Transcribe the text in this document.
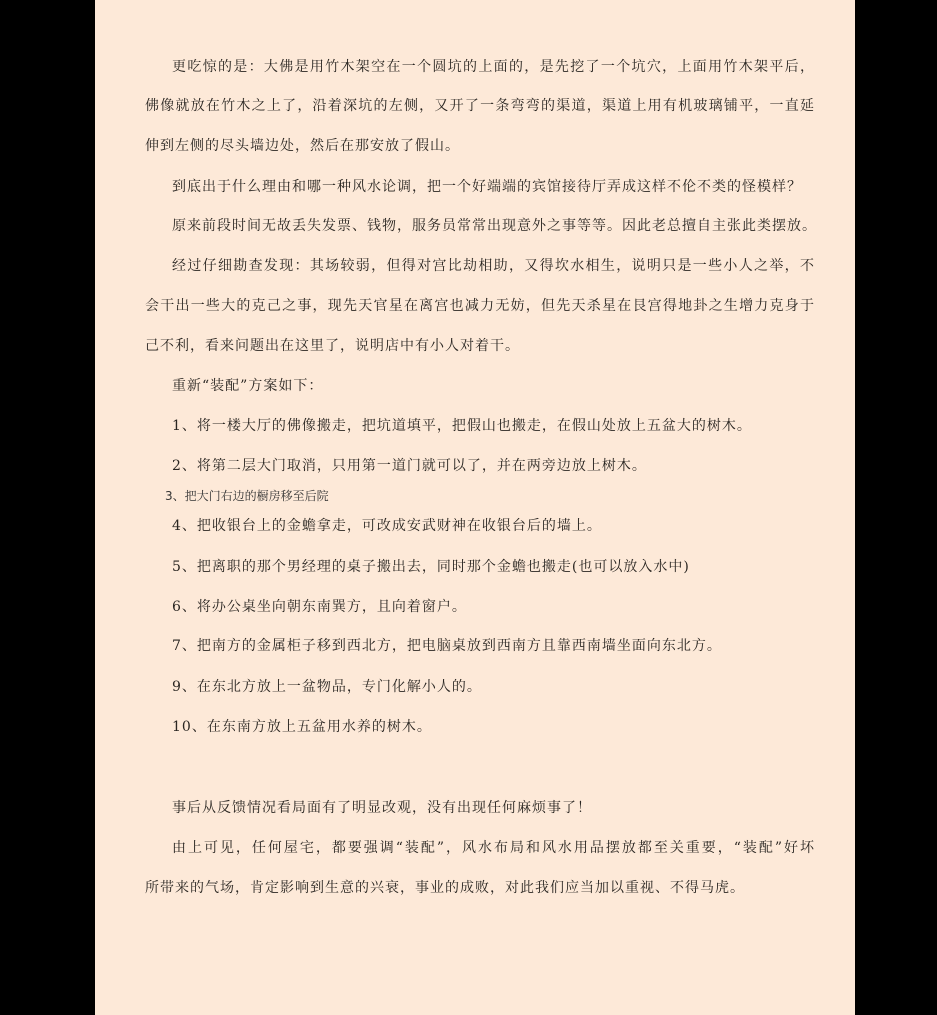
更吃惊的是：大佛是用竹木架空在一个圆坑的上面的，是先挖了一个坑穴，上面用竹木架平后，
佛像就放在竹木之上了，沿着深坑的左侧，又开了一条弯弯的渠道，渠道上用有机玻璃铺平，一直延
伸到左侧的尽头墙边处，然后在那安放了假山。
到底出于什么理由和哪一种风水论调，把一个好端端的宾馆接待厅弄成这样不伦不类的怪模样？
原来前段时间无故丢失发票、钱物，服务员常常出现意外之事等等。因此老总擅自主张此类摆放。
经过仔细勘查发现：其场较弱，但得对宫比劫相助，又得坎水相生，说明只是一些小人之举，不
会干出一些大的克己之事，现先天官星在离宫也减力无妨，但先天杀星在艮宫得地卦之生增力克身于
己不利，看来问题出在这里了，说明店中有小人对着干。
重新“装配”方案如下：
1、将一楼大厅的佛像搬走，把坑道填平，把假山也搬走，在假山处放上五盆大的树木。
2、将第二层大门取消，只用第一道门就可以了，并在两旁边放上树木。
3、把大门右边的橱房移至后院
4、把收银台上的金蟾拿走，可改成安武财神在收银台后的墙上。
5、把离职的那个男经理的桌子搬出去，同时那个金蟾也搬走(也可以放入水中)
6、将办公桌坐向朝东南巽方，且向着窗户。
7、把南方的金属柜子移到西北方，把电脑桌放到西南方且靠西南墙坐面向东北方。
9、在东北方放上一盆物品，专门化解小人的。
10、在东南方放上五盆用水养的树木。
事后从反馈情况看局面有了明显改观，没有出现任何麻烦事了！
由上可见，任何屋宅，都要强调“装配”，风水布局和风水用品摆放都至关重要，“装配”好坏
所带来的气场，肯定影响到生意的兴衰，事业的成败，对此我们应当加以重视、不得马虎。
